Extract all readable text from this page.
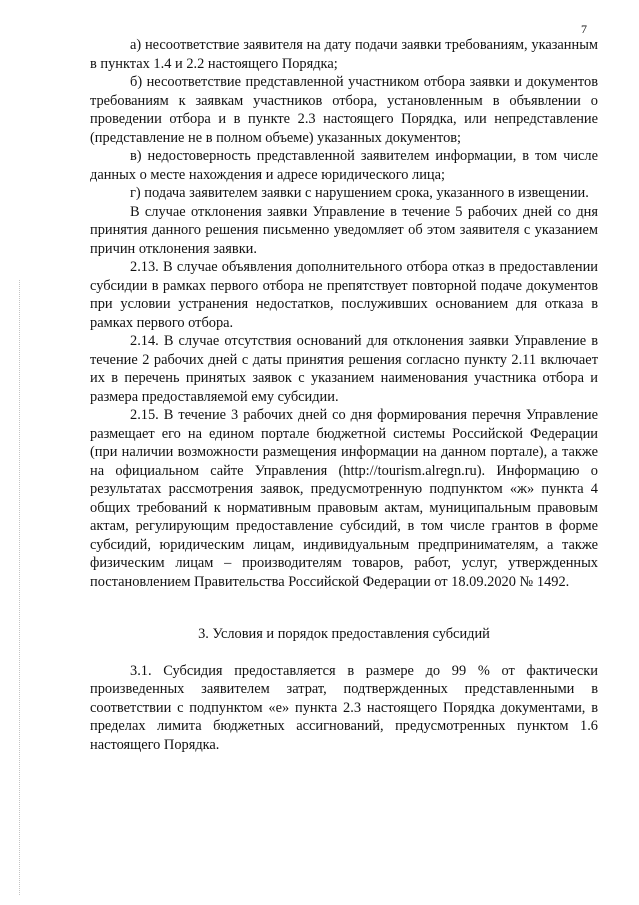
7

а) несоответствие заявителя на дату подачи заявки требованиям, указанным в пунктах 1.4 и 2.2 настоящего Порядка;

б) несоответствие представленной участником отбора заявки и документов требованиям к заявкам участников отбора, установленным в объявлении о проведении отбора и в пункте 2.3 настоящего Порядка, или непредставление (представление не в полном объеме) указанных документов;

в) недостоверность представленной заявителем информации, в том числе данных о месте нахождения и адресе юридического лица;

г) подача заявителем заявки с нарушением срока, указанного в извещении.

В случае отклонения заявки Управление в течение 5 рабочих дней со дня принятия данного решения письменно уведомляет об этом заявителя с указанием причин отклонения заявки.

2.13. В случае объявления дополнительного отбора отказ в предоставлении субсидии в рамках первого отбора не препятствует повторной подаче документов при условии устранения недостатков, послуживших основанием для отказа в рамках первого отбора.

2.14. В случае отсутствия оснований для отклонения заявки Управление в течение 2 рабочих дней с даты принятия решения согласно пункту 2.11 включает их в перечень принятых заявок с указанием наименования участника отбора и размера предоставляемой ему субсидии.

2.15. В течение 3 рабочих дней со дня формирования перечня Управление размещает его на едином портале бюджетной системы Российской Федерации (при наличии возможности размещения информации на данном портале), а также на официальном сайте Управления (http://tourism.alregn.ru). Информацию о результатах рассмотрения заявок, предусмотренную подпунктом «ж» пункта 4 общих требований к нормативным правовым актам, муниципальным правовым актам, регулирующим предоставление субсидий, в том числе грантов в форме субсидий, юридическим лицам, индивидуальным предпринимателям, а также физическим лицам – производителям товаров, работ, услуг, утвержденных постановлением Правительства Российской Федерации от 18.09.2020 № 1492.

3. Условия и порядок предоставления субсидий

3.1. Субсидия предоставляется в размере до 99 % от фактически произведенных заявителем затрат, подтвержденных представленными в соответствии с подпунктом «е» пункта 2.3 настоящего Порядка документами, в пределах лимита бюджетных ассигнований, предусмотренных пунктом 1.6 настоящего Порядка.
